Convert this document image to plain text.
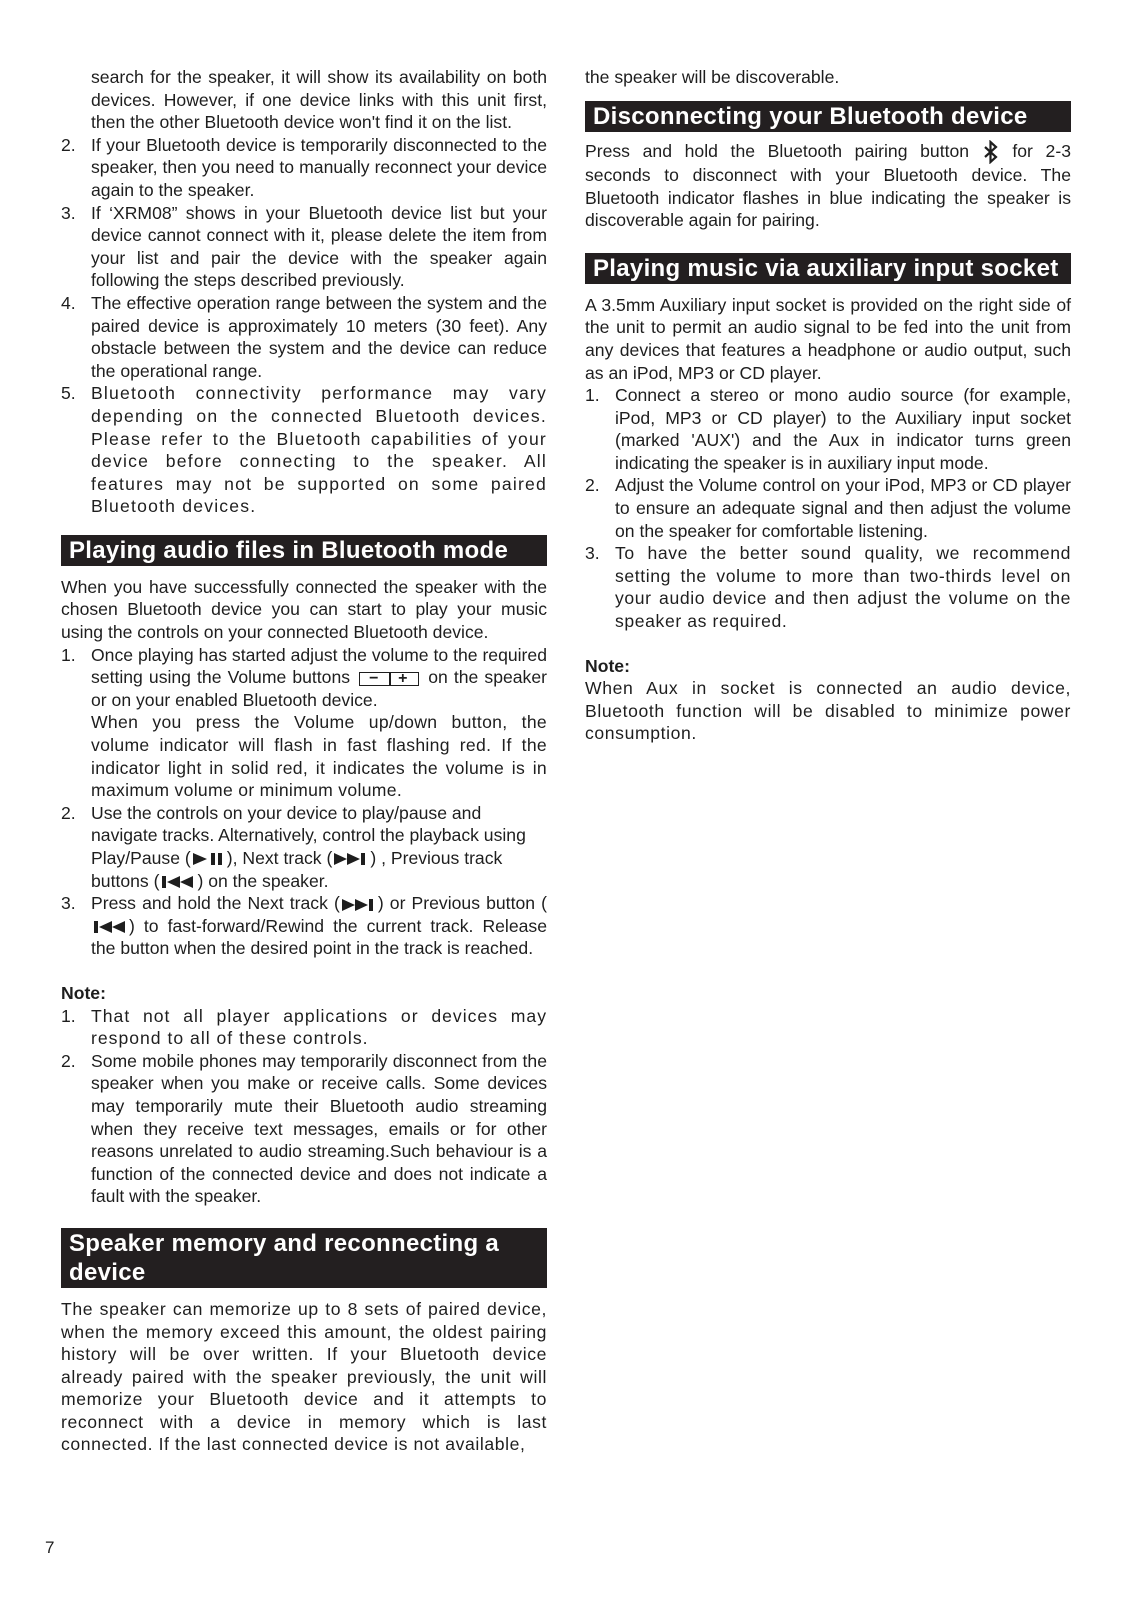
search for the speaker, it will show its availability on both devices. However, if one device links with this unit first, then the other Bluetooth device won't find it on the list.

2. If your Bluetooth device is temporarily disconnected to the speaker, then you need to manually reconnect your device again to the speaker.
3. If ‘XRM08” shows in your Bluetooth device list but your device cannot connect with it, please delete the item from your list and pair the device with the speaker again following the steps described previously.
4. The effective operation range between the system and the paired device is approximately 10 meters (30 feet). Any obstacle between the system and the device can reduce the operational range.
5. Bluetooth connectivity performance may vary depending on the connected Bluetooth devices. Please refer to the Bluetooth capabilities of your device before connecting to the speaker. All features may not be supported on some paired Bluetooth devices.
Playing audio files in Bluetooth mode

When you have successfully connected the speaker with the chosen Bluetooth device you can start to play your music using the controls on your connected Bluetooth device.

1. Once playing has started adjust the volume to the required setting using the Volume buttons − + on the speaker or on your enabled Bluetooth device.
When you press the Volume up/down button, the volume indicator will flash in fast flashing red. If the indicator light in solid red, it indicates the volume is in maximum volume or minimum volume.
2. Use the controls on your device to play/pause and navigate tracks. Alternatively, control the playback using Play/Pause ( ), Next track ( ) , Previous track buttons ( ) on the speaker.
3. Press and hold the Next track ( ) or Previous button () to fast-forward/Rewind the current track. Release the button when the desired point in the track is reached.
Note:
1. That not all player applications or devices may respond to all of these controls.
2. Some mobile phones may temporarily disconnect from the speaker when you make or receive calls. Some devices may temporarily mute their Bluetooth audio streaming when they receive text messages, emails or for other reasons unrelated to audio streaming.Such behaviour is a function of the connected device and does not indicate a fault with the speaker.
Speaker memory and reconnecting a device

The speaker can memorize up to 8 sets of paired device, when the memory exceed this amount, the oldest pairing history will be over written. If your Bluetooth device already paired with the speaker previously, the unit will memorize your Bluetooth device and it attempts to reconnect with a device in memory which is last connected. If the last connected device is not available,

the speaker will be discoverable.

Disconnecting your Bluetooth device

Press and hold the Bluetooth pairing button for 2-3 seconds to disconnect with your Bluetooth device. The Bluetooth indicator flashes in blue indicating the speaker is discoverable again for pairing.

Playing music via auxiliary input socket

A 3.5mm Auxiliary input socket is provided on the right side of the unit to permit an audio signal to be fed into the unit from any devices that features a headphone or audio output, such as an iPod, MP3 or CD player.

1. Connect a stereo or mono audio source (for example, iPod, MP3 or CD player) to the Auxiliary input socket (marked 'AUX') and the Aux in indicator turns green indicating the speaker is in auxiliary input mode.
2. Adjust the Volume control on your iPod, MP3 or CD player to ensure an adequate signal and then adjust the volume on the speaker for comfortable listening.
3. To have the better sound quality, we recommend setting the volume to more than two-thirds level on your audio device and then adjust the volume on the speaker as required.
Note:

When Aux in socket is connected an audio device, Bluetooth function will be disabled to minimize power consumption.

7
